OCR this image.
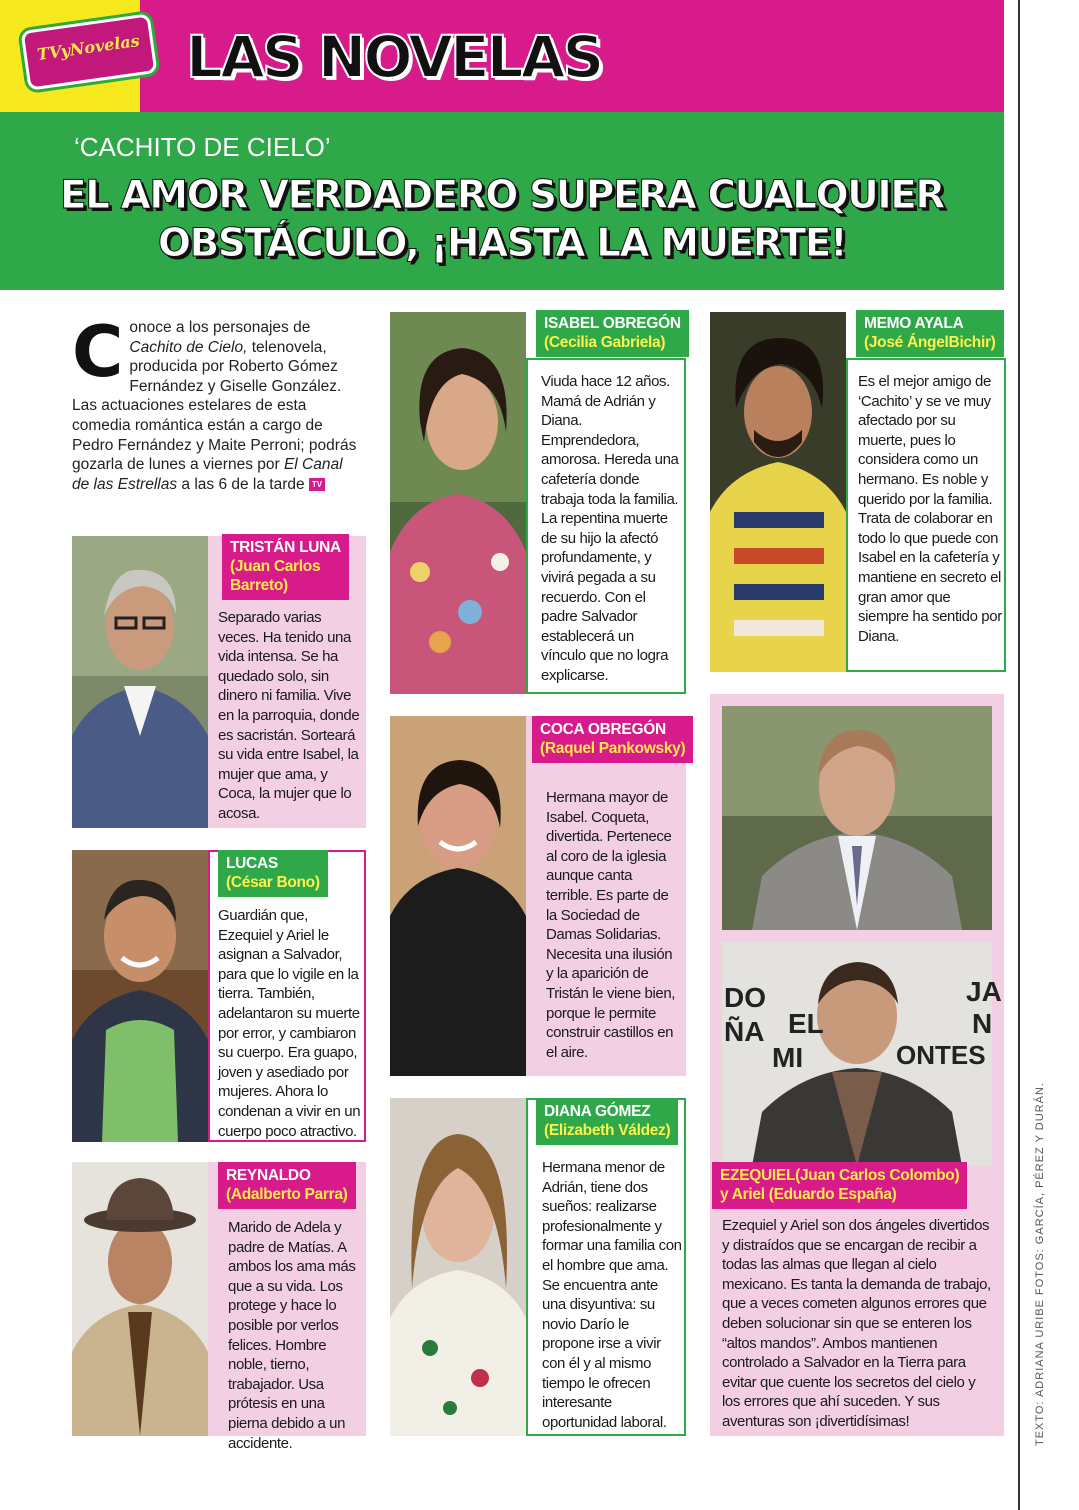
TVyNovelas LAS NOVELAS
‘CACHITO DE CIELO’
EL AMOR VERDADERO SUPERA CUALQUIER
OBSTÁCULO, ¡HASTA LA MUERTE!
TEXTO: ADRIANA URIBE FOTOS: GARCÍA, PÉREZ Y DURÁN.
Conoce a los personajes de Cachito de Cielo, telenovela, producida por Roberto Gómez Fernández y Giselle González. Las actuaciones estelares de esta comedia romántica están a cargo de Pedro Fernández y Maite Perroni; podrás gozarla de lunes a viernes por El Canal de las Estrellas a las 6 de la tarde TV
TRISTÁN LUNA
(Juan Carlos Barreto)
Separado varias veces. Ha tenido una vida intensa. Se ha quedado solo, sin dinero ni familia. Vive en la parroquia, donde es sacristán. Sorteará su vida entre Isabel, la mujer que ama, y Coca, la mujer que lo acosa.
LUCAS
(César Bono)
Guardián que, Ezequiel y Ariel le asignan a Salvador, para que lo vigile en la tierra. También, adelantaron su muerte por error, y cambiaron su cuerpo. Era guapo, joven y asediado por mujeres. Ahora lo condenan a vivir en un cuerpo poco atractivo.
REYNALDO
(Adalberto Parra)
Marido de Adela y padre de Matías. A ambos los ama más que a su vida. Los protege y hace lo posible por verlos felices. Hombre noble, tierno, trabajador. Usa prótesis en una pierna debido a un accidente.
ISABEL OBREGÓN
(Cecilia Gabriela)
Viuda hace 12 años. Mamá de Adrián y Diana. Emprendedora, amorosa. Hereda una cafetería donde trabaja toda la familia. La repentina muerte de su hijo la afectó profundamente, y vivirá pegada a su recuerdo. Con el padre Salvador establecerá un vínculo que no logra explicarse.
COCA OBREGÓN
(Raquel Pankowsky)
Hermana mayor de Isabel. Coqueta, divertida. Pertenece al coro de la iglesia aunque canta terrible. Es parte de la Sociedad de Damas Solidarias. Necesita una ilusión y la aparición de Tristán le viene bien, porque le permite construir castillos en el aire.
DIANA GÓMEZ
(Elizabeth Váldez)
Hermana menor de Adrián, tiene dos sueños: realizarse profesionalmente y formar una familia con el hombre que ama. Se encuentra ante una disyuntiva: su novio Darío le propone irse a vivir con él y al mismo tiempo le ofrecen interesante oportunidad laboral.
MEMO AYALA
(José ÁngelBichir)
Es el mejor amigo de ‘Cachito’ y se ve muy afectado por su muerte, pues lo considera como un hermano. Es noble y querido por la familia. Trata de colaborar en todo lo que puede con Isabel en la cafetería y mantiene en secreto el gran amor que siempre ha sentido por Diana.
DO
ÑA EL
MI	ONTES
JA
N
EZEQUIEL(Juan Carlos Colombo)
y Ariel (Eduardo España)
Ezequiel y Ariel son dos ángeles divertidos y distraídos que se encargan de recibir a todas las almas que llegan al cielo mexicano. Es tanta la demanda de trabajo, que a veces cometen algunos errores que deben solucionar sin que se enteren los “altos mandos”. Ambos mantienen controlado a Salvador en la Tierra para evitar que cuente los secretos del cielo y los errores que ahí suceden. Y sus aventuras son ¡divertidísimas!
